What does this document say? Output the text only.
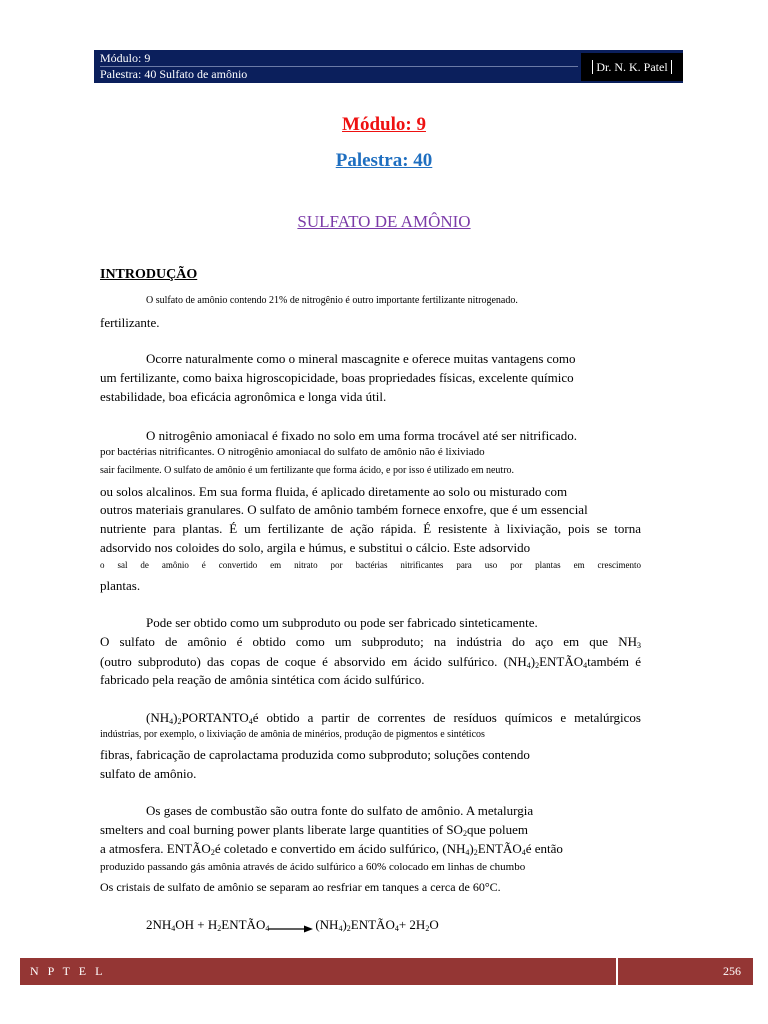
Módulo: 9
Palestra: 40 Sulfato de amônio	Dr. N. K. Patel
Módulo: 9
Palestra: 40
SULFATO DE AMÔNIO
INTRODUÇÃO
O sulfato de amônio contendo 21% de nitrogênio é outro importante fertilizante nitrogenado.
fertilizante.
Ocorre naturalmente como o mineral mascagnite e oferece muitas vantagens como
um fertilizante, como baixa higroscopicidade, boas propriedades físicas, excelente químico
estabilidade, boa eficácia agronômica e longa vida útil.
O nitrogênio amoniacal é fixado no solo em uma forma trocável até ser nitrificado.
por bactérias nitrificantes. O nitrogênio amoniacal do sulfato de amônio não é lixiviado
sair facilmente. O sulfato de amônio é um fertilizante que forma ácido, e por isso é utilizado em neutro.
ou solos alcalinos. Em sua forma fluida, é aplicado diretamente ao solo ou misturado com
outros materiais granulares. O sulfato de amônio também fornece enxofre, que é um essencial
nutriente para plantas. É um fertilizante de ação rápida. É resistente à lixiviação, pois se torna
adsorvido nos coloides do solo, argila e húmus, e substitui o cálcio. Este adsorvido
o sal de amônio é convertido em nitrato por bactérias nitrificantes para uso por plantas em crescimento
plantas.
Pode ser obtido como um subproduto ou pode ser fabricado sinteticamente.
O sulfato de amônio é obtido como um subproduto; na indústria do aço em que $NH_3$
(outro subproduto) das copas de coque é absorvido em ácido sulfúrico. $(NH_4)_2ENTÃO_4também$ é
fabricado pela reação de amônia sintética com ácido sulfúrico.
$(NH_4)_2PORTANTO_4é$ obtido a partir de correntes de resíduos químicos e metalúrgicos
indústrias, por exemplo, o lixiviação de amônia de minérios, produção de pigmentos e sintéticos
fibras, fabricação de caprolactama produzida como subproduto; soluções contendo
sulfato de amônio.
Os gases de combustão são outra fonte do sulfato de amônio. A metalurgia
smelters and coal burning power plants liberate large quantities of $SO_2que$ poluem
a atmosfera. $ENTÃO_2é$ coletado e convertido em ácido sulfúrico, $(NH_4)_2ENTÃO_4é$ então
produzido passando gás amônia através de ácido sulfúrico a 60% colocado em linhas de chumbo
Os cristais de sulfato de amônio se separam ao resfriar em tanques a cerca de 60°C.
$2NH_4OH$ + $H_2ENTÃO_4$	$(NH_4)_2ENTÃO_4+ 2H_2O$
N P T E L	256
